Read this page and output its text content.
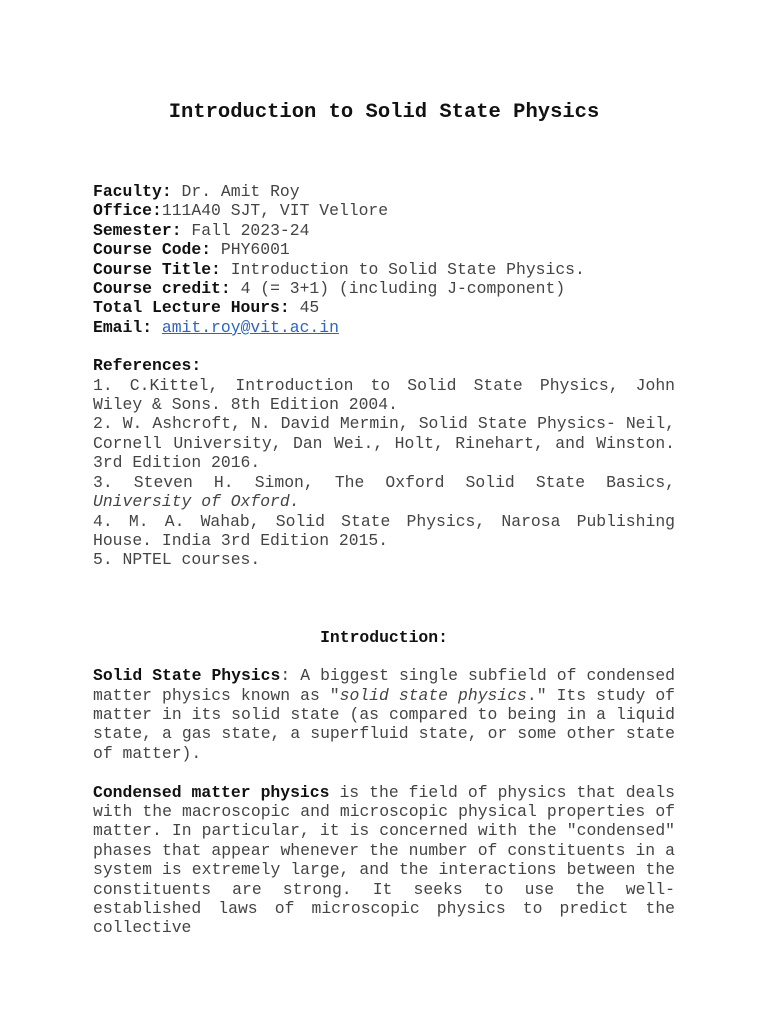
Introduction to Solid State Physics
Faculty: Dr. Amit Roy
Office:111A40 SJT, VIT Vellore
Semester: Fall 2023-24
Course Code: PHY6001
Course Title: Introduction to Solid State Physics.
Course credit: 4 (= 3+1) (including J-component)
Total Lecture Hours: 45
Email: amit.roy@vit.ac.in
References:
1. C.Kittel, Introduction to Solid State Physics, John Wiley & Sons. 8th Edition 2004.
2. W. Ashcroft, N. David Mermin, Solid State Physics- Neil, Cornell University, Dan Wei., Holt, Rinehart, and Winston. 3rd Edition 2016.
3. Steven H. Simon, The Oxford Solid State Basics, University of Oxford.
4. M. A. Wahab, Solid State Physics, Narosa Publishing House. India 3rd Edition 2015.
5. NPTEL courses.
Introduction:

Solid State Physics: A biggest single subfield of condensed matter physics known as "solid state physics." Its study of matter in its solid state (as compared to being in a liquid state, a gas state, a superfluid state, or some other state of matter).

Condensed matter physics is the field of physics that deals with the macroscopic and microscopic physical properties of matter. In particular, it is concerned with the "condensed" phases that appear whenever the number of constituents in a system is extremely large, and the interactions between the constituents are strong. It seeks to use the well-established laws of microscopic physics to predict the collective
